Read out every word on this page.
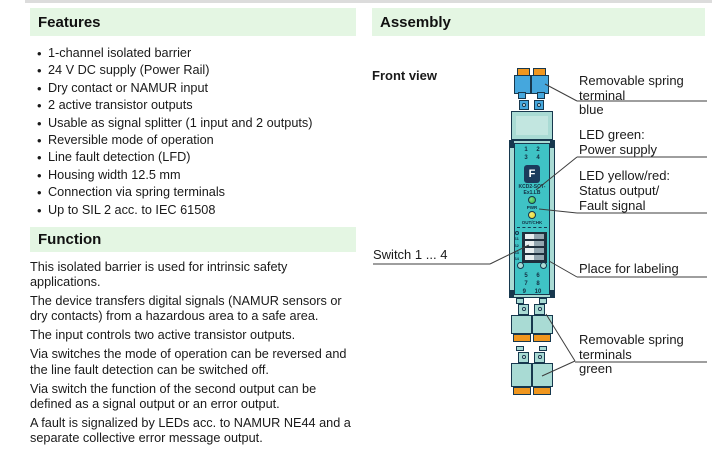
Features
• 1-channel isolated barrier
• 24 V DC supply (Power Rail)
• Dry contact or NAMUR input
• 2 active transistor outputs
• Usable as signal splitter (1 input and 2 outputs)
• Reversible mode of operation
• Line fault detection (LFD)
• Housing width 12.5 mm
• Connection via spring terminals
• Up to SIL 2 acc. to IEC 61508
Function

This isolated barrier is used for intrinsic safety applications.

The device transfers digital signals (NAMUR sensors or dry contacts) from a hazardous area to a safe area.

The input controls two active transistor outputs.

Via switches the mode of operation can be reversed and the line fault detection can be switched off.

Via switch the function of the second output can be defined as a signal output or an error output.

A fault is signalized by LEDs acc. to NAMUR NE44 and a separate collective error message output.

Assembly
Front view
1 2
3 4
F
KCD2-SOT-
Ex1.LB
PWR
OUT/CHK
S1
S2
S3
S4
5 6
7 8
9 10
Removable spring terminal
blue
LED green:
Power supply
LED yellow/red:
Status output/
Fault signal
Switch 1 ... 4
Place for labeling
Removable spring terminals
green
